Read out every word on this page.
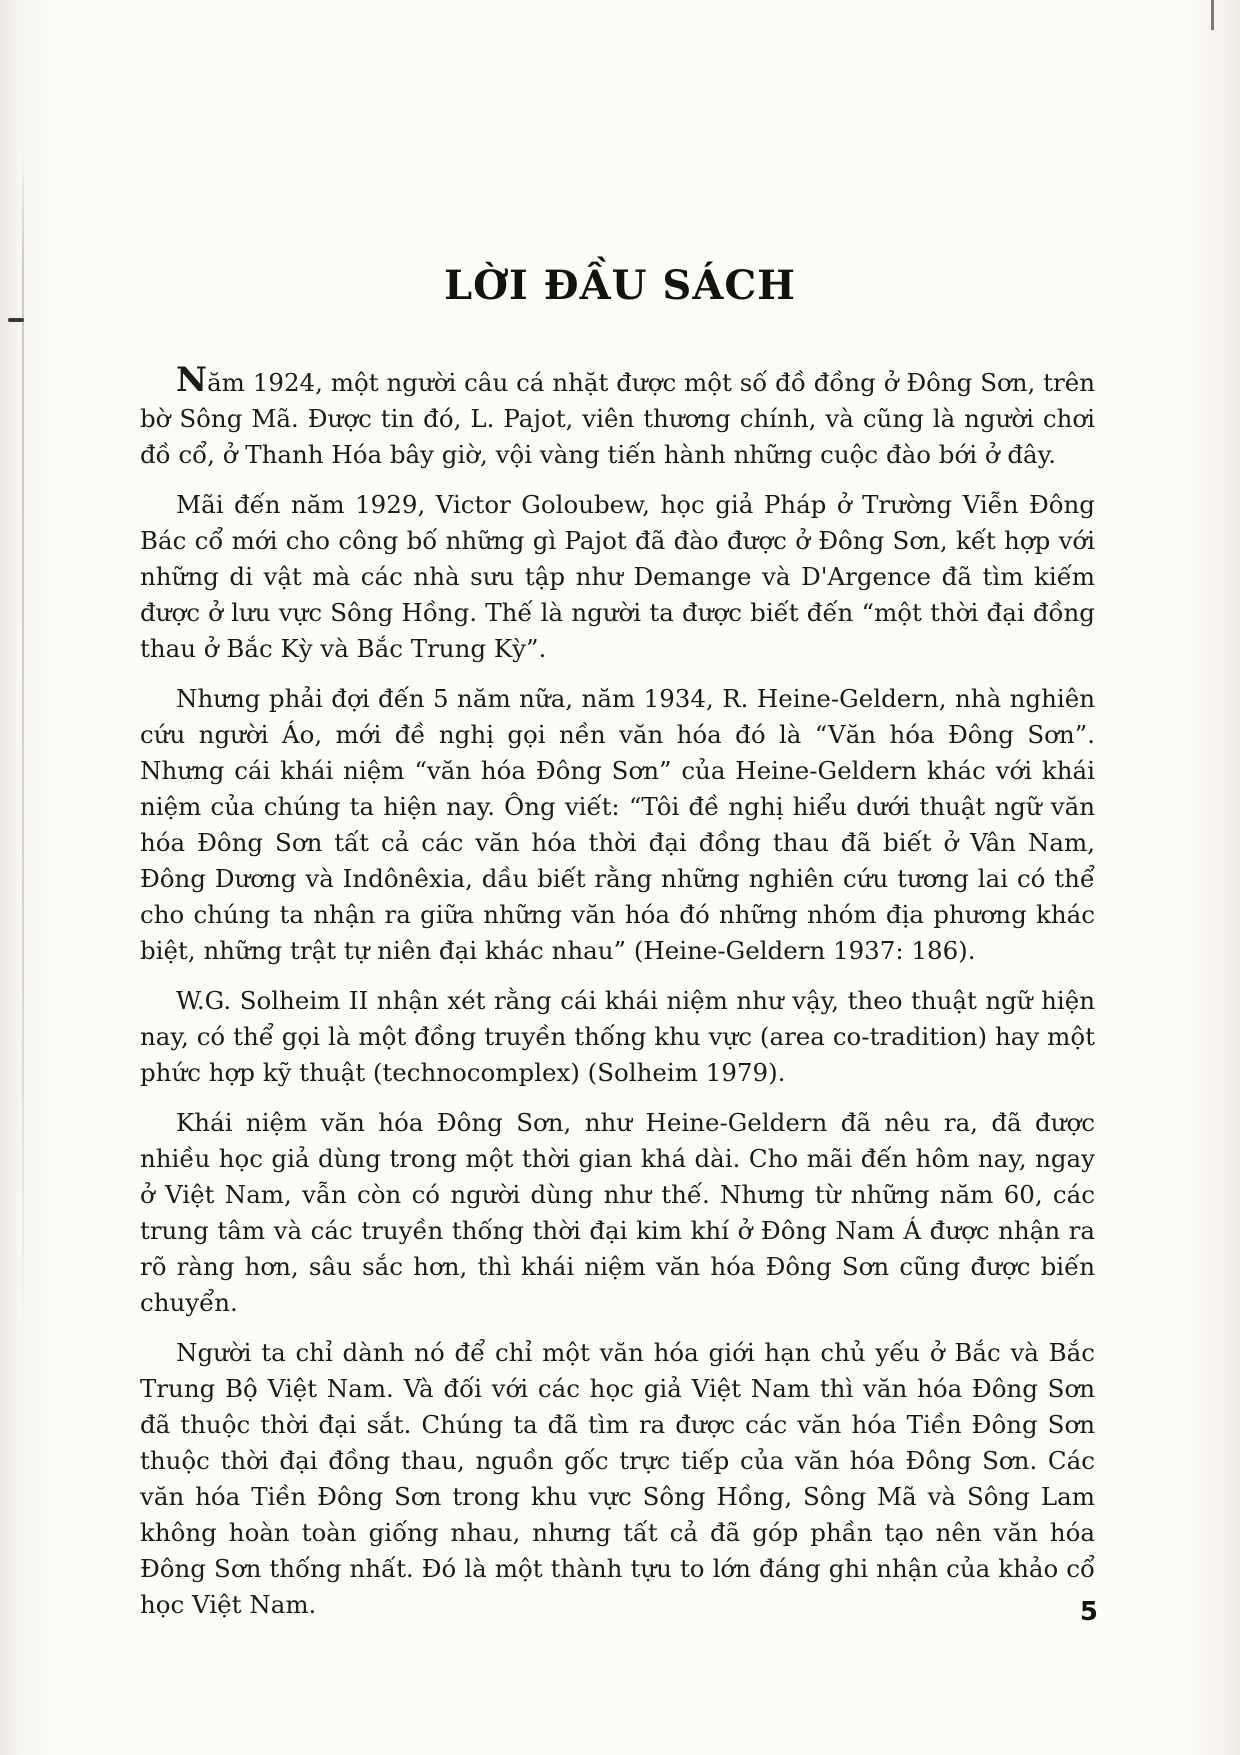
LỜI ĐẦU SÁCH

Năm 1924, một người câu cá nhặt được một số đồ đồng ở Đông Sơn, trên bờ Sông Mã. Được tin đó, L. Pajot, viên thương chính, và cũng là người chơi đồ cổ, ở Thanh Hóa bây giờ, vội vàng tiến hành những cuộc đào bới ở đây.

Mãi đến năm 1929, Victor Goloubew, học giả Pháp ở Trường Viễn Đông Bác cổ mới cho công bố những gì Pajot đã đào được ở Đông Sơn, kết hợp với những di vật mà các nhà sưu tập như Demange và D'Argence đã tìm kiếm được ở lưu vực Sông Hồng. Thế là người ta được biết đến “một thời đại đồng thau ở Bắc Kỳ và Bắc Trung Kỳ”.

Nhưng phải đợi đến 5 năm nữa, năm 1934, R. Heine-Geldern, nhà nghiên cứu người Áo, mới đề nghị gọi nền văn hóa đó là “Văn hóa Đông Sơn”. Nhưng cái khái niệm “văn hóa Đông Sơn” của Heine-Geldern khác với khái niệm của chúng ta hiện nay. Ông viết: “Tôi đề nghị hiểu dưới thuật ngữ văn hóa Đông Sơn tất cả các văn hóa thời đại đồng thau đã biết ở Vân Nam, Đông Dương và Indônêxia, dầu biết rằng những nghiên cứu tương lai có thể cho chúng ta nhận ra giữa những văn hóa đó những nhóm địa phương khác biệt, những trật tự niên đại khác nhau” (Heine-Geldern 1937: 186).

W.G. Solheim II nhận xét rằng cái khái niệm như vậy, theo thuật ngữ hiện nay, có thể gọi là một đồng truyền thống khu vực (area co-tradition) hay một phức hợp kỹ thuật (technocomplex) (Solheim 1979).

Khái niệm văn hóa Đông Sơn, như Heine-Geldern đã nêu ra, đã được nhiều học giả dùng trong một thời gian khá dài. Cho mãi đến hôm nay, ngay ở Việt Nam, vẫn còn có người dùng như thế. Nhưng từ những năm 60, các trung tâm và các truyền thống thời đại kim khí ở Đông Nam Á được nhận ra rõ ràng hơn, sâu sắc hơn, thì khái niệm văn hóa Đông Sơn cũng được biến chuyển.

Người ta chỉ dành nó để chỉ một văn hóa giới hạn chủ yếu ở Bắc và Bắc Trung Bộ Việt Nam. Và đối với các học giả Việt Nam thì văn hóa Đông Sơn đã thuộc thời đại sắt. Chúng ta đã tìm ra được các văn hóa Tiền Đông Sơn thuộc thời đại đồng thau, nguồn gốc trực tiếp của văn hóa Đông Sơn. Các văn hóa Tiền Đông Sơn trong khu vực Sông Hồng, Sông Mã và Sông Lam không hoàn toàn giống nhau, nhưng tất cả đã góp phần tạo nên văn hóa Đông Sơn thống nhất. Đó là một thành tựu to lớn đáng ghi nhận của khảo cổ học Việt Nam.	5
